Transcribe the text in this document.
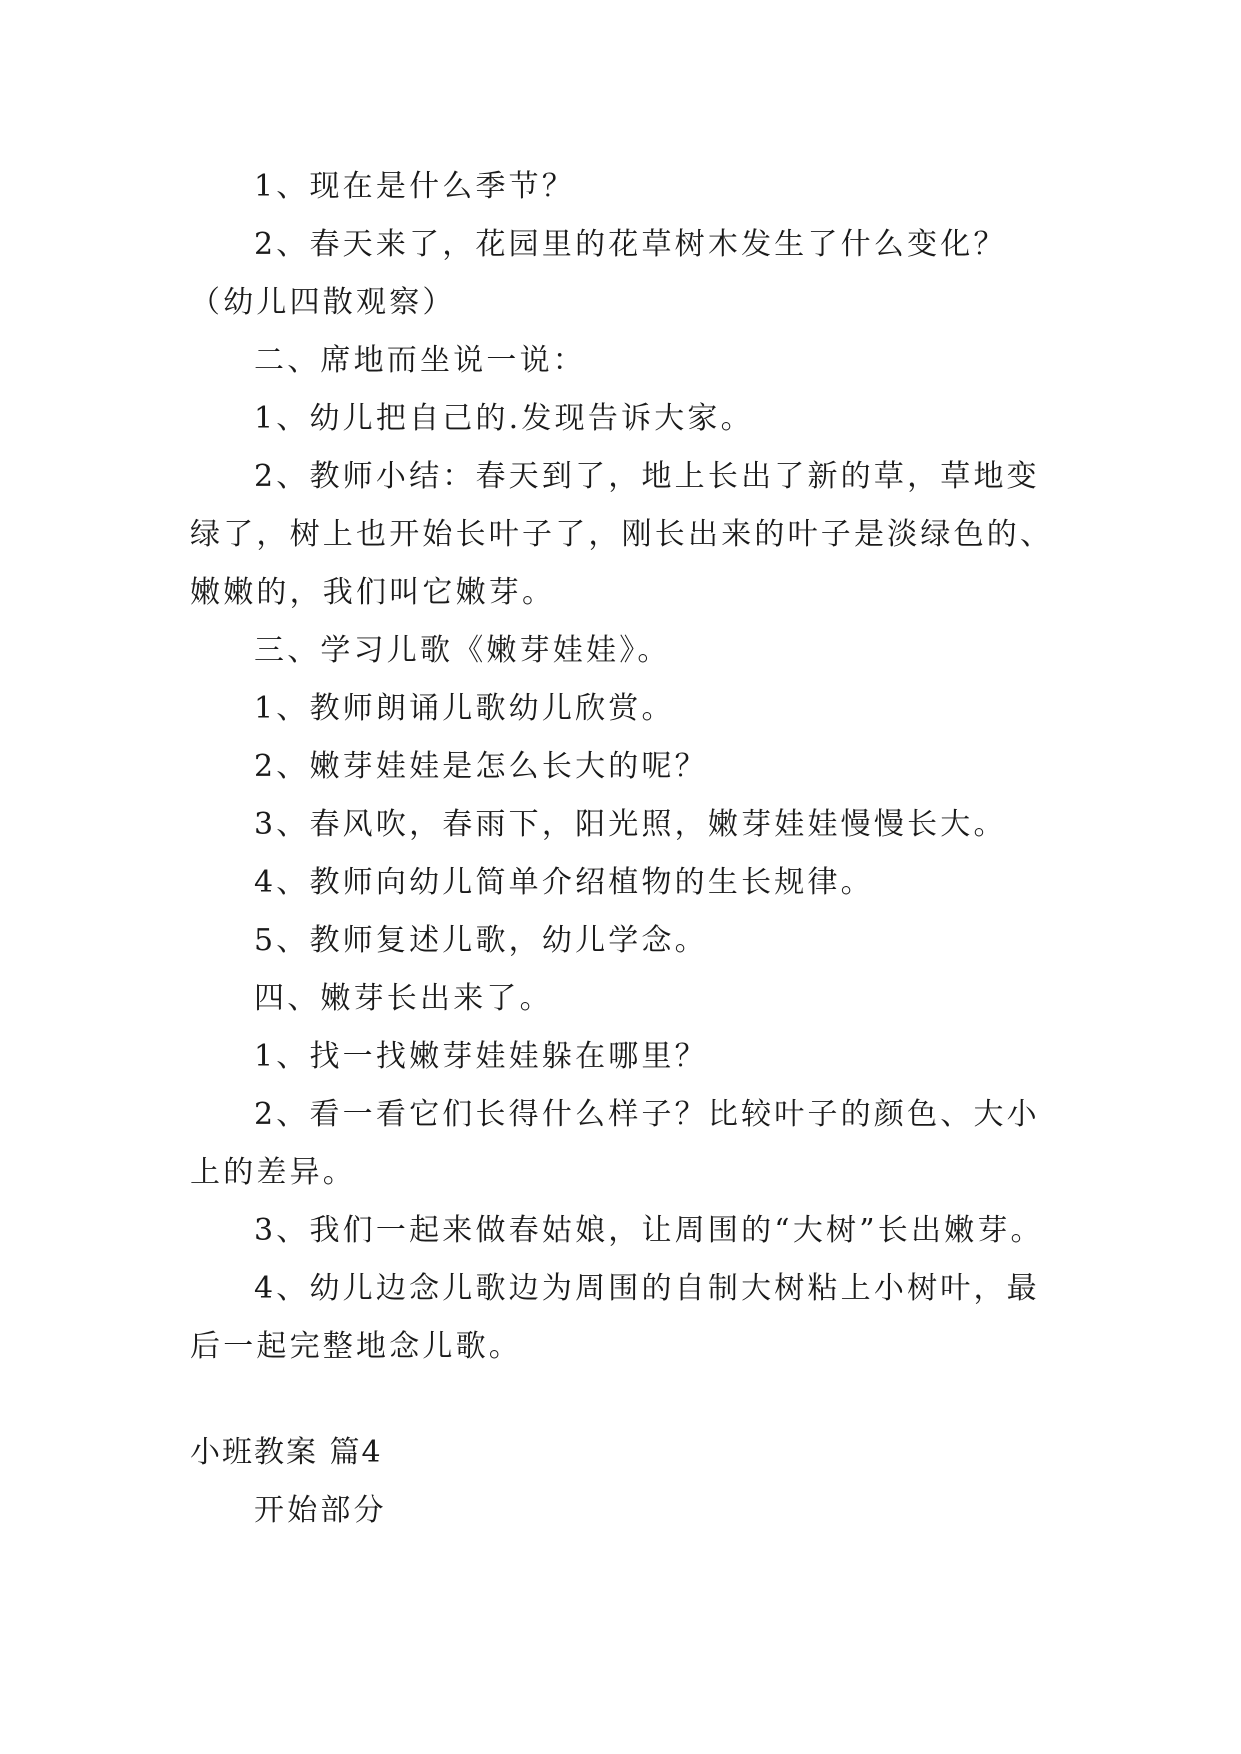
1、现在是什么季节？

2、春天来了，花园里的花草树木发生了什么变化？（幼儿四散观察）

二、席地而坐说一说：

1、幼儿把自己的.发现告诉大家。

2、教师小结：春天到了，地上长出了新的草，草地变绿了，树上也开始长叶子了，刚长出来的叶子是淡绿色的、嫩嫩的，我们叫它嫩芽。

三、学习儿歌《嫩芽娃娃》。

1、教师朗诵儿歌幼儿欣赏。

2、嫩芽娃娃是怎么长大的呢？

3、春风吹，春雨下，阳光照，嫩芽娃娃慢慢长大。

4、教师向幼儿简单介绍植物的生长规律。

5、教师复述儿歌，幼儿学念。

四、嫩芽长出来了。

1、找一找嫩芽娃娃躲在哪里？

2、看一看它们长得什么样子？比较叶子的颜色、大小上的差异。

3、我们一起来做春姑娘，让周围的“大树”长出嫩芽。

4、幼儿边念儿歌边为周围的自制大树粘上小树叶，最后一起完整地念儿歌。

小班教案 篇4

开始部分
